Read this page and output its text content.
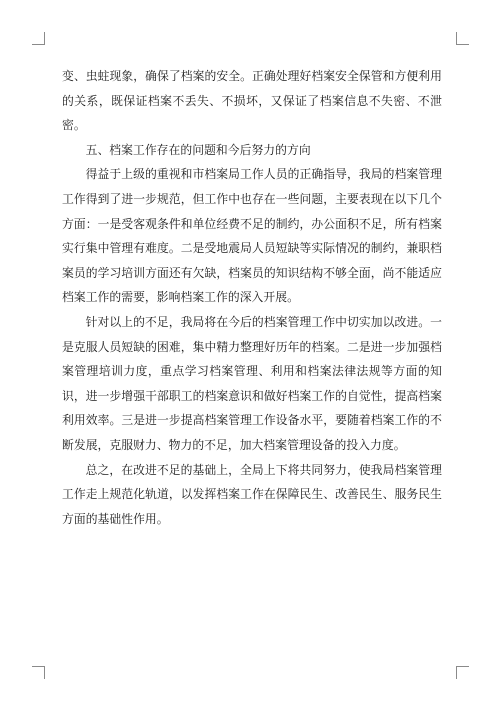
变、虫蛀现象，确保了档案的安全。正确处理好档案安全保管和方便利用的关系，既保证档案不丢失、不损坏，又保证了档案信息不失密、不泄密。

五、档案工作存在的问题和今后努力的方向

得益于上级的重视和市档案局工作人员的正确指导，我局的档案管理工作得到了进一步规范，但工作中也存在一些问题，主要表现在以下几个方面：一是受客观条件和单位经费不足的制约，办公面积不足，所有档案实行集中管理有难度。二是受地震局人员短缺等实际情况的制约，兼职档案员的学习培训方面还有欠缺，档案员的知识结构不够全面，尚不能适应档案工作的需要，影响档案工作的深入开展。

针对以上的不足，我局将在今后的档案管理工作中切实加以改进。一是克服人员短缺的困难，集中精力整理好历年的档案。二是进一步加强档案管理培训力度，重点学习档案管理、利用和档案法律法规等方面的知识，进一步增强干部职工的档案意识和做好档案工作的自觉性，提高档案利用效率。三是进一步提高档案管理工作设备水平，要随着档案工作的不断发展，克服财力、物力的不足，加大档案管理设备的投入力度。

总之，在改进不足的基础上，全局上下将共同努力，使我局档案管理工作走上规范化轨道，以发挥档案工作在保障民生、改善民生、服务民生方面的基础性作用。
